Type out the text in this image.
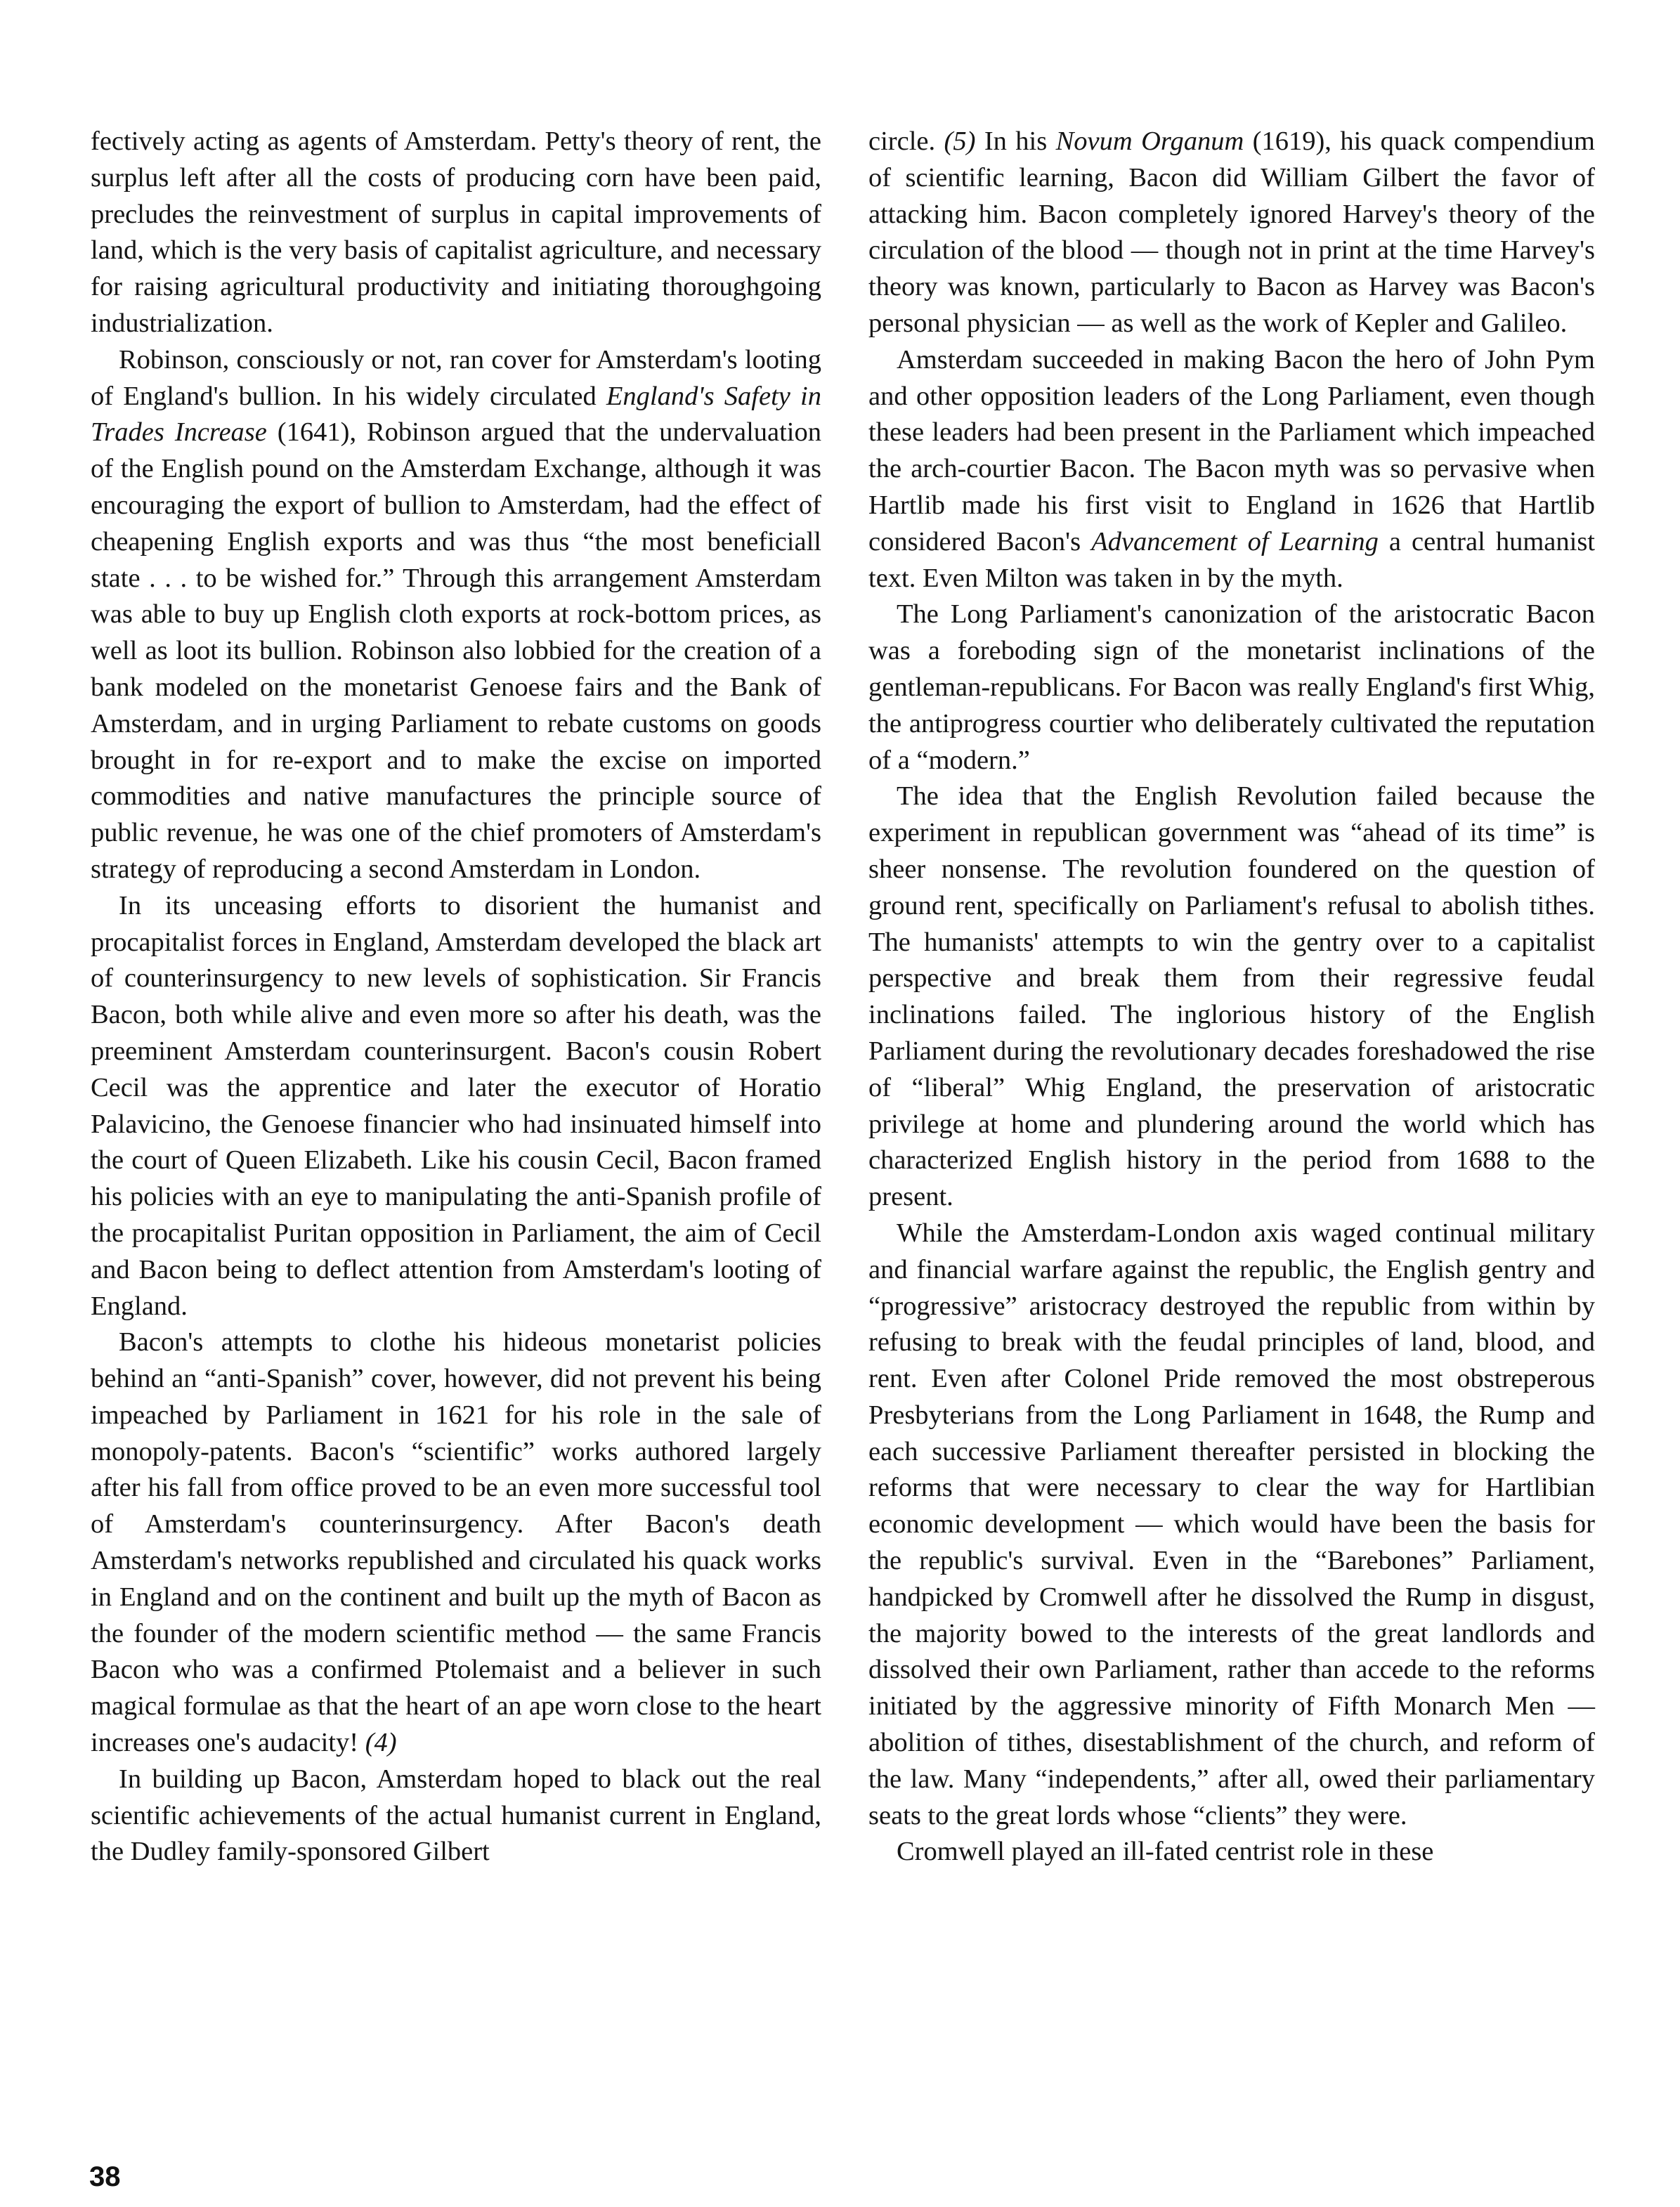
fectively acting as agents of Amsterdam. Petty's theory of rent, the surplus left after all the costs of producing corn have been paid, precludes the reinvestment of surplus in capital improvements of land, which is the very basis of capitalist agriculture, and necessary for raising agricultural productivity and initiating thoroughgoing industrialization.

Robinson, consciously or not, ran cover for Amsterdam's looting of England's bullion. In his widely circulated England's Safety in Trades Increase (1641), Robinson argued that the undervaluation of the English pound on the Amsterdam Exchange, although it was encouraging the export of bullion to Amsterdam, had the effect of cheapening English exports and was thus “the most beneficiall state . . . to be wished for.” Through this arrangement Amsterdam was able to buy up English cloth exports at rock-bottom prices, as well as loot its bullion. Robinson also lobbied for the creation of a bank modeled on the monetarist Genoese fairs and the Bank of Amsterdam, and in urging Parliament to rebate customs on goods brought in for re-export and to make the excise on imported commodities and native manufactures the principle source of public revenue, he was one of the chief promoters of Amsterdam's strategy of reproducing a second Amsterdam in London.

In its unceasing efforts to disorient the humanist and procapitalist forces in England, Amsterdam developed the black art of counterinsurgency to new levels of sophistication. Sir Francis Bacon, both while alive and even more so after his death, was the preeminent Amsterdam counterinsurgent. Bacon's cousin Robert Cecil was the apprentice and later the executor of Horatio Palavicino, the Genoese financier who had insinuated himself into the court of Queen Elizabeth. Like his cousin Cecil, Bacon framed his policies with an eye to manipulating the anti-Spanish profile of the procapitalist Puritan opposition in Parliament, the aim of Cecil and Bacon being to deflect attention from Amsterdam's looting of England.

Bacon's attempts to clothe his hideous monetarist policies behind an “anti-Spanish” cover, however, did not prevent his being impeached by Parliament in 1621 for his role in the sale of monopoly-patents. Bacon's “scientific” works authored largely after his fall from office proved to be an even more successful tool of Amsterdam's counterinsurgency. After Bacon's death Amsterdam's networks republished and circulated his quack works in England and on the continent and built up the myth of Bacon as the founder of the modern scientific method — the same Francis Bacon who was a confirmed Ptolemaist and a believer in such magical formulae as that the heart of an ape worn close to the heart increases one's audacity! (4)

In building up Bacon, Amsterdam hoped to black out the real scientific achievements of the actual humanist current in England, the Dudley family-sponsored Gilbert

circle. (5) In his Novum Organum (1619), his quack compendium of scientific learning, Bacon did William Gilbert the favor of attacking him. Bacon completely ignored Harvey's theory of the circulation of the blood — though not in print at the time Harvey's theory was known, particularly to Bacon as Harvey was Bacon's personal physician — as well as the work of Kepler and Galileo.

Amsterdam succeeded in making Bacon the hero of John Pym and other opposition leaders of the Long Parliament, even though these leaders had been present in the Parliament which impeached the arch-courtier Bacon. The Bacon myth was so pervasive when Hartlib made his first visit to England in 1626 that Hartlib considered Bacon's Advancement of Learning a central humanist text. Even Milton was taken in by the myth.

The Long Parliament's canonization of the aristocratic Bacon was a foreboding sign of the monetarist inclinations of the gentleman-republicans. For Bacon was really England's first Whig, the antiprogress courtier who deliberately cultivated the reputation of a “modern.”

The idea that the English Revolution failed because the experiment in republican government was “ahead of its time” is sheer nonsense. The revolution foundered on the question of ground rent, specifically on Parliament's refusal to abolish tithes. The humanists' attempts to win the gentry over to a capitalist perspective and break them from their regressive feudal inclinations failed. The inglorious history of the English Parliament during the revolutionary decades foreshadowed the rise of “liberal” Whig England, the preservation of aristocratic privilege at home and plundering around the world which has characterized English history in the period from 1688 to the present.

While the Amsterdam-London axis waged continual military and financial warfare against the republic, the English gentry and “progressive” aristocracy destroyed the republic from within by refusing to break with the feudal principles of land, blood, and rent. Even after Colonel Pride removed the most obstreperous Presbyterians from the Long Parliament in 1648, the Rump and each successive Parliament thereafter persisted in blocking the reforms that were necessary to clear the way for Hartlibian economic development — which would have been the basis for the republic's survival. Even in the “Barebones” Parliament, handpicked by Cromwell after he dissolved the Rump in disgust, the majority bowed to the interests of the great landlords and dissolved their own Parliament, rather than accede to the reforms initiated by the aggressive minority of Fifth Monarch Men — abolition of tithes, disestablishment of the church, and reform of the law. Many “independents,” after all, owed their parliamentary seats to the great lords whose “clients” they were.

Cromwell played an ill-fated centrist role in these

38
